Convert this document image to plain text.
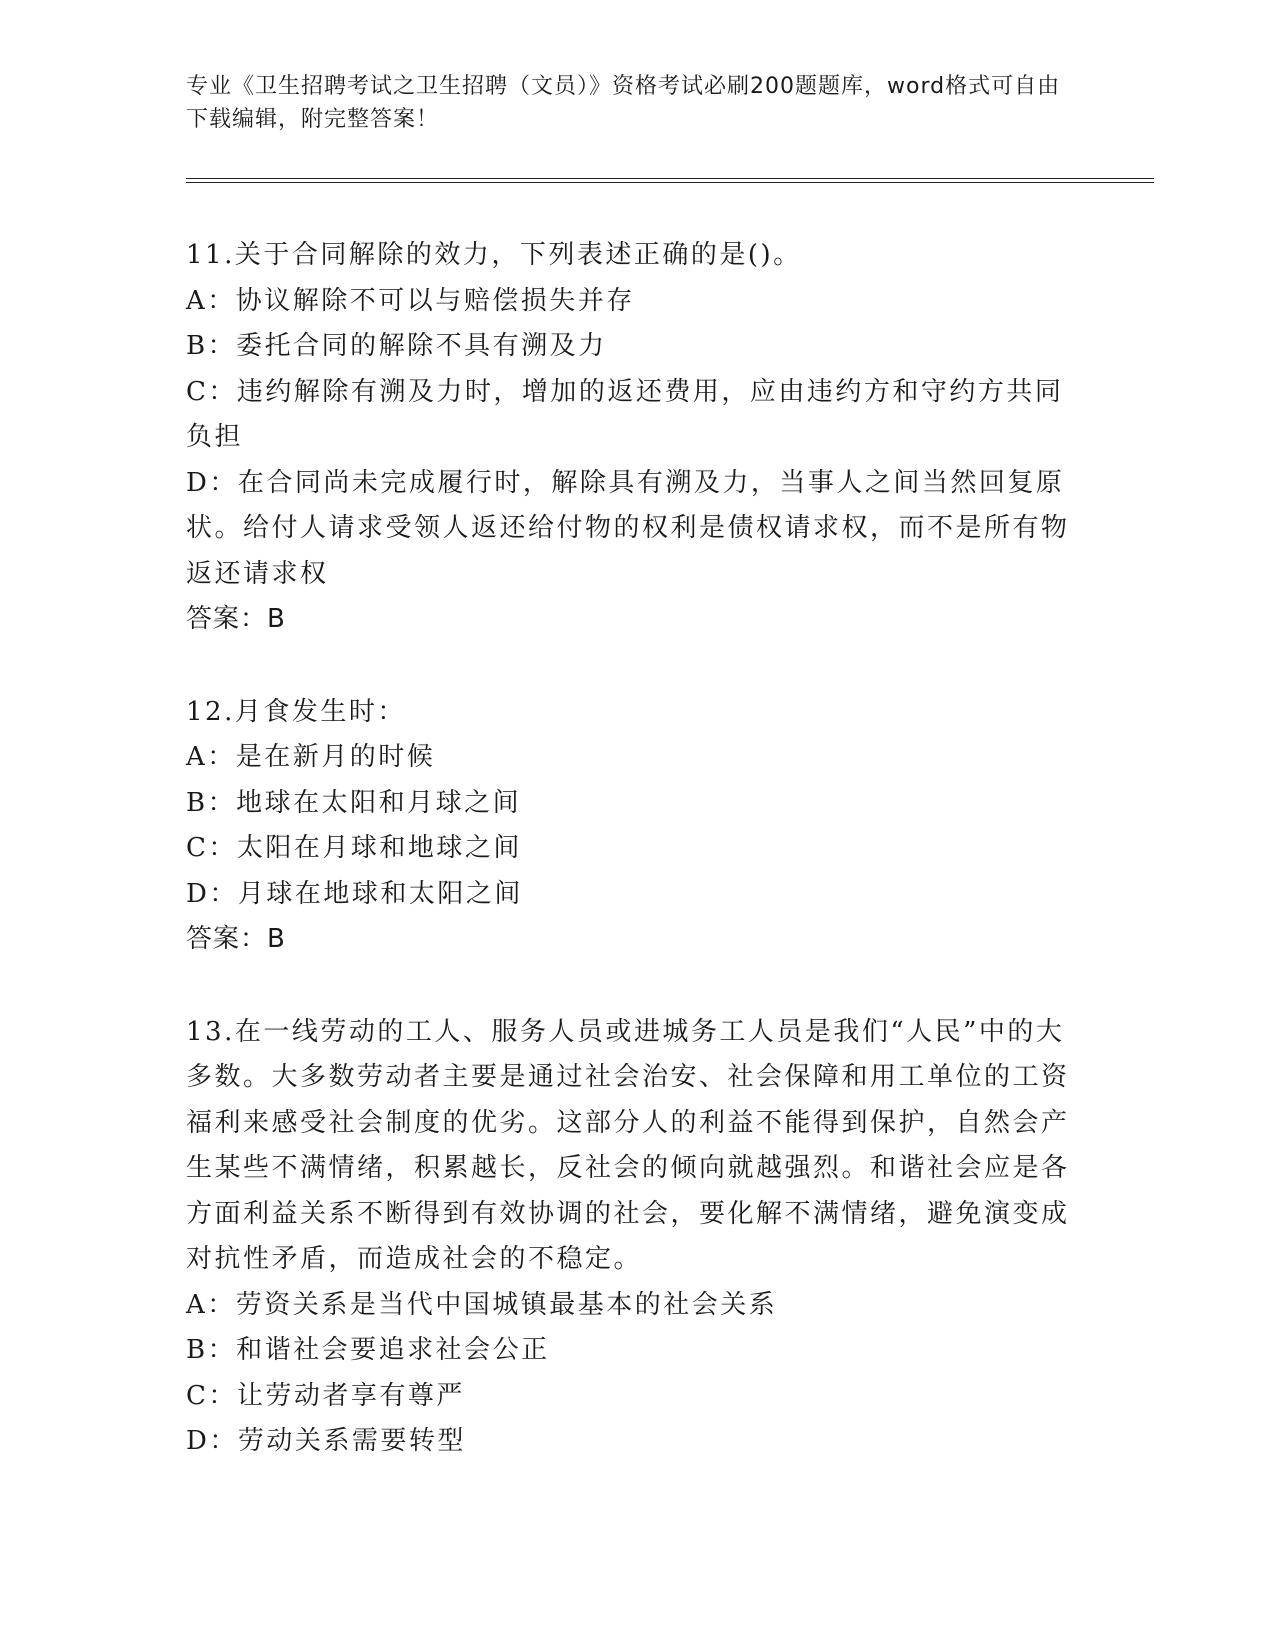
专业《卫生招聘考试之卫生招聘（文员）》资格考试必刷200题题库，word格式可自由下载编辑，附完整答案！

11.关于合同解除的效力，下列表述正确的是()。

A：协议解除不可以与赔偿损失并存

B：委托合同的解除不具有溯及力

C：违约解除有溯及力时，增加的返还费用，应由违约方和守约方共同负担

D：在合同尚未完成履行时，解除具有溯及力，当事人之间当然回复原状。给付人请求受领人返还给付物的权利是债权请求权，而不是所有物返还请求权

答案：B

12.月食发生时：

A：是在新月的时候

B：地球在太阳和月球之间

C：太阳在月球和地球之间

D：月球在地球和太阳之间

答案：B

13.在一线劳动的工人、服务人员或进城务工人员是我们“人民”中的大多数。大多数劳动者主要是通过社会治安、社会保障和用工单位的工资福利来感受社会制度的优劣。这部分人的利益不能得到保护，自然会产生某些不满情绪，积累越长，反社会的倾向就越强烈。和谐社会应是各方面利益关系不断得到有效协调的社会，要化解不满情绪，避免演变成对抗性矛盾，而造成社会的不稳定。

A：劳资关系是当代中国城镇最基本的社会关系

B：和谐社会要追求社会公正

C：让劳动者享有尊严

D：劳动关系需要转型
